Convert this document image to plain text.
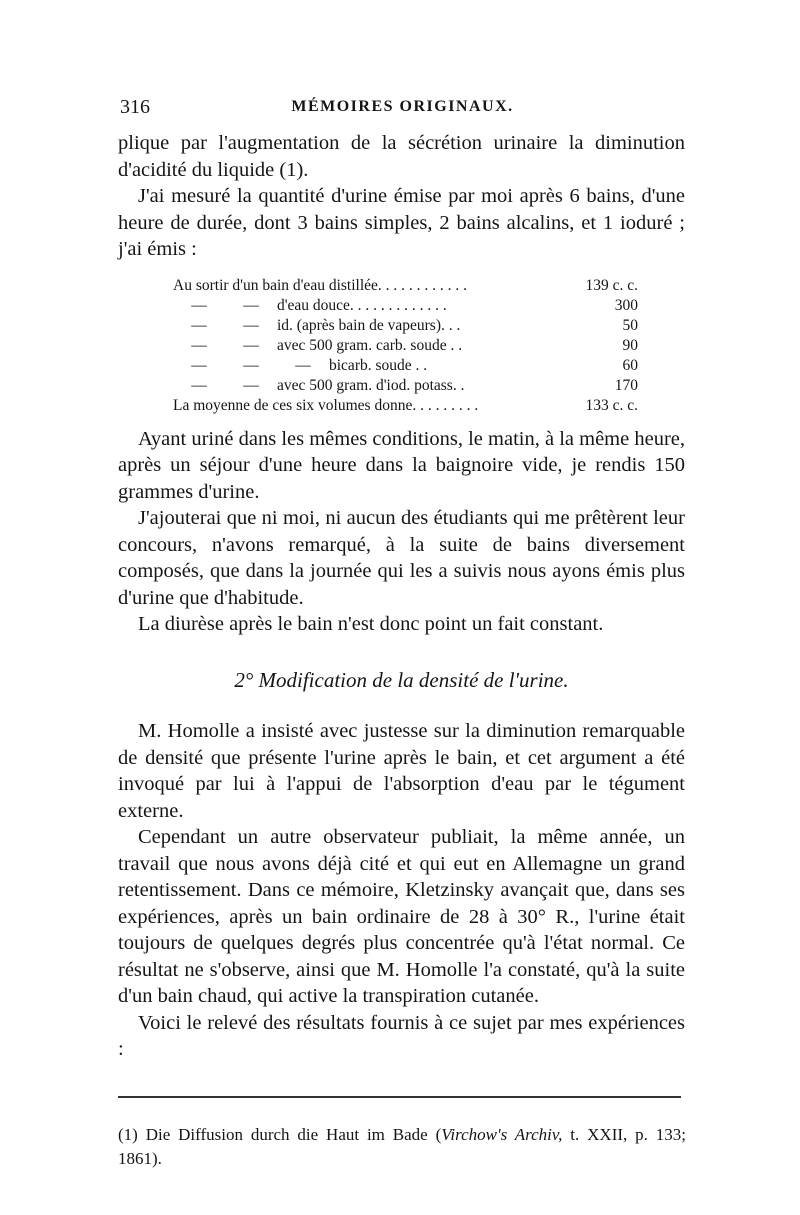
316	MÉMOIRES ORIGINAUX.

plique par l'augmentation de la sécrétion urinaire la diminution d'acidité du liquide (1).

J'ai mesuré la quantité d'urine émise par moi après 6 bains, d'une heure de durée, dont 3 bains simples, 2 bains alcalins, et 1 ioduré ; j'ai émis :

Au sortir d'un bain d'eau distillée. . . . . . . . . . . .	139 c. c.
— — d'eau douce. . . . . . . . . . . . .	300
— — id. (après bain de vapeurs). . .	50
— — avec 500 gram. carb. soude . .	90
— — — bicarb. soude . .	60
— — avec 500 gram. d'iod. potass. .	170
La moyenne de ces six volumes donne. . . . . . . . .	133 c. c.

Ayant uriné dans les mêmes conditions, le matin, à la même heure, après un séjour d'une heure dans la baignoire vide, je rendis 150 grammes d'urine.

J'ajouterai que ni moi, ni aucun des étudiants qui me prêtèrent leur concours, n'avons remarqué, à la suite de bains diversement composés, que dans la journée qui les a suivis nous ayons émis plus d'urine que d'habitude.

La diurèse après le bain n'est donc point un fait constant.

2° Modification de la densité de l'urine.

M. Homolle a insisté avec justesse sur la diminution remarquable de densité que présente l'urine après le bain, et cet argument a été invoqué par lui à l'appui de l'absorption d'eau par le tégument externe.

Cependant un autre observateur publiait, la même année, un travail que nous avons déjà cité et qui eut en Allemagne un grand retentissement. Dans ce mémoire, Kletzinsky avançait que, dans ses expériences, après un bain ordinaire de 28 à 30° R., l'urine était toujours de quelques degrés plus concentrée qu'à l'état normal. Ce résultat ne s'observe, ainsi que M. Homolle l'a constaté, qu'à la suite d'un bain chaud, qui active la transpiration cutanée.

Voici le relevé des résultats fournis à ce sujet par mes expériences :

(1) Die Diffusion durch die Haut im Bade (Virchow's Archiv, t. XXII, p. 133; 1861).
